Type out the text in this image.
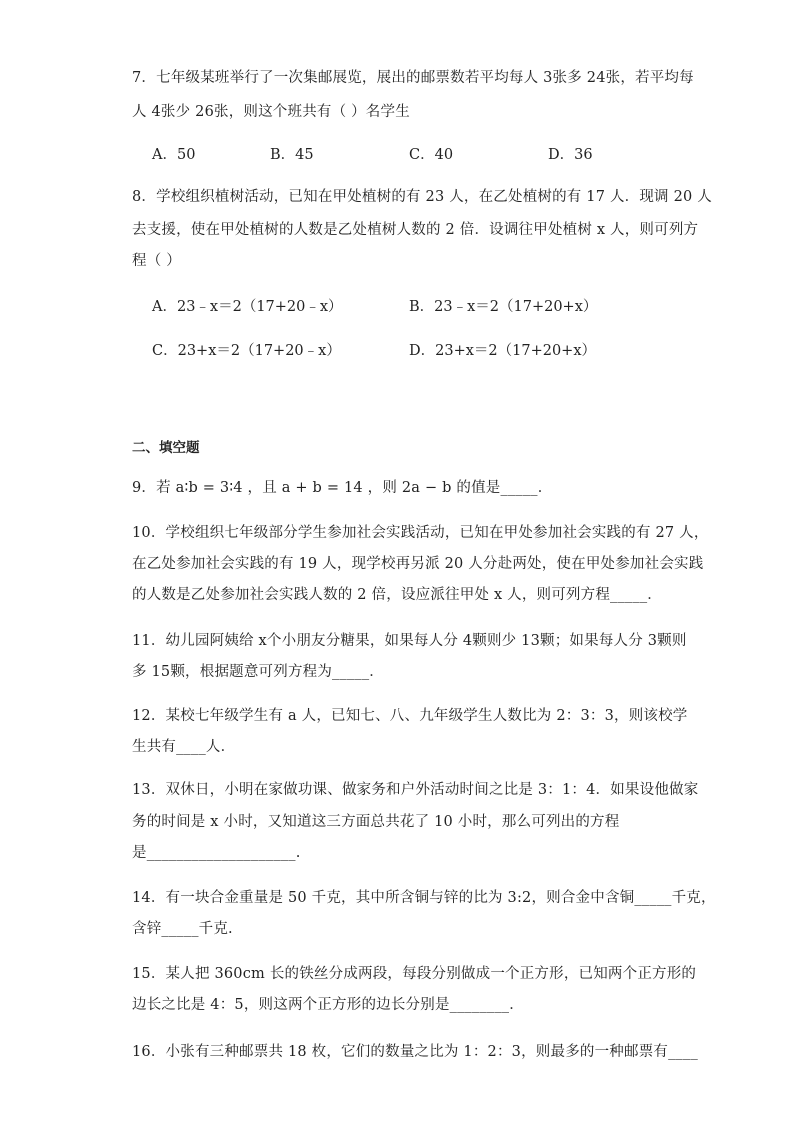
7．七年级某班举行了一次集邮展览，展出的邮票数若平均每人 3张多 24张，若平均每
人 4张少 26张，则这个班共有（ ）名学生
A．50	B．45	C．40	D．36
8．学校组织植树活动，已知在甲处植树的有 23 人，在乙处植树的有 17 人．现调 20 人
去支援，使在甲处植树的人数是乙处植树人数的 2 倍．设调往甲处植树 x 人，则可列方
程（ ）
A．23﹣x＝2（17+20﹣x）	B．23﹣x＝2（17+20+x）
C．23+x＝2（17+20﹣x）	D．23+x＝2（17+20+x）
二、填空题
9．若 a∶b = 3∶4 ，且 a + b = 14 ，则 2a − b 的值是_____．
10．学校组织七年级部分学生参加社会实践活动，已知在甲处参加社会实践的有 27 人，
在乙处参加社会实践的有 19 人，现学校再另派 20 人分赴两处，使在甲处参加社会实践
的人数是乙处参加社会实践人数的 2 倍，设应派往甲处 x 人，则可列方程_____．
11．幼儿园阿姨给 x个小朋友分糖果，如果每人分 4颗则少 13颗；如果每人分 3颗则
多 15颗，根据题意可列方程为_____．
12．某校七年级学生有 a 人，已知七、八、九年级学生人数比为 2：3：3，则该校学
生共有____人．
13．双休日，小明在家做功课、做家务和户外活动时间之比是 3：1：4．如果设他做家
务的时间是 x 小时，又知道这三方面总共花了 10 小时，那么可列出的方程
是____________________.
14．有一块合金重量是 50 千克，其中所含铜与锌的比为 3:2，则合金中含铜_____千克，
含锌_____千克.
15．某人把 360cm 长的铁丝分成两段，每段分别做成一个正方形，已知两个正方形的
边长之比是 4：5，则这两个正方形的边长分别是________．
16．小张有三种邮票共 18 枚，它们的数量之比为 1：2：3，则最多的一种邮票有____
